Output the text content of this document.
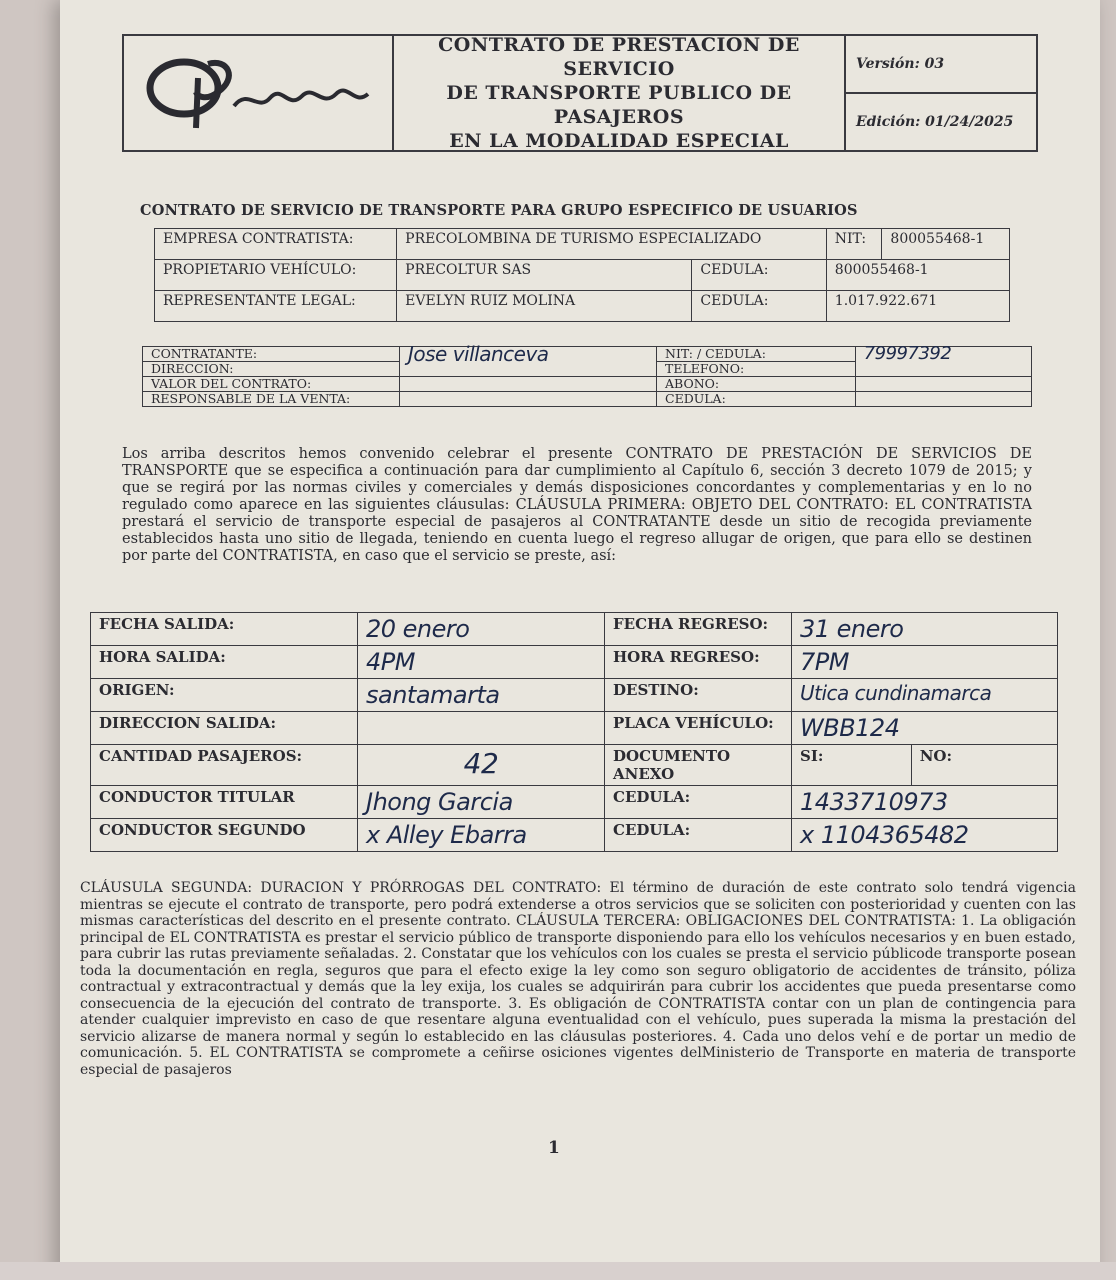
CONTRATO DE PRESTACION DE SERVICIO
DE TRANSPORTE PUBLICO DE PASAJEROS
EN LA MODALIDAD ESPECIAL
Versión: 03
Edición: 01/24/2025
CONTRATO DE SERVICIO DE TRANSPORTE PARA GRUPO ESPECIFICO DE USUARIOS
EMPRESA CONTRATISTA:	PRECOLOMBINA DE TURISMO ESPECIALIZADO		NIT:	800055468-1
PROPIETARIO VEHÍCULO:	PRECOLTUR SAS	CEDULA:	800055468-1	
REPRESENTANTE LEGAL:	EVELYN RUIZ MOLINA	CEDULA:	1.017.922.671	
CONTRATANTE:	Jose villanceva	NIT: / CEDULA:	79997392
DIRECCION:		TELEFONO:	
VALOR DEL CONTRATO:		ABONO:	
RESPONSABLE DE LA VENTA:		CEDULA:	
Los arriba descritos hemos convenido celebrar el presente CONTRATO DE PRESTACIÓN DE SERVICIOS DE TRANSPORTE que se especifica a continuación para dar cumplimiento al Capítulo 6, sección 3 decreto 1079 de 2015; y que se regirá por las normas civiles y comerciales y demás disposiciones concordantes y complementarias y en lo no regulado como aparece en las siguientes cláusulas: CLÁUSULA PRIMERA: OBJETO DEL CONTRATO: EL CONTRATISTA prestará el servicio de transporte especial de pasajeros al CONTRATANTE desde un sitio de recogida previamente establecidos hasta uno sitio de llegada, teniendo en cuenta luego el regreso allugar de origen, que para ello se destinen por parte del CONTRATISTA, en caso que el servicio se preste, así:
FECHA SALIDA:	20 enero	FECHA REGRESO:	31 enero	
HORA SALIDA:	4PM	HORA REGRESO:	7PM	
ORIGEN:	santamarta	DESTINO:	Utica cundinamarca	
DIRECCION SALIDA:		PLACA VEHÍCULO:	WBB124	
CANTIDAD PASAJEROS:	42	DOCUMENTO ANEXO	SI:	NO:
CONDUCTOR TITULAR	Jhong Garcia	CEDULA:	1433710973	
CONDUCTOR SEGUNDO	x Alley Ebarra	CEDULA:	x 1104365482	
CLÁUSULA SEGUNDA: DURACION Y PRÓRROGAS DEL CONTRATO: El término de duración de este contrato solo tendrá vigencia mientras se ejecute el contrato de transporte, pero podrá extenderse a otros servicios que se soliciten con posterioridad y cuenten con las mismas características del descrito en el presente contrato. CLÁUSULA TERCERA: OBLIGACIONES DEL CONTRATISTA: 1. La obligación principal de EL CONTRATISTA es prestar el servicio público de transporte disponiendo para ello los vehículos necesarios y en buen estado, para cubrir las rutas previamente señaladas. 2. Constatar que los vehículos con los cuales se presta el servicio públicode transporte posean toda la documentación en regla, seguros que para el efecto exige la ley como son seguro obligatorio de accidentes de tránsito, póliza contractual y extracontractual y demás que la ley exija, los cuales se adquirirán para cubrir los accidentes que pueda presentarse como consecuencia de la ejecución del contrato de transporte. 3. Es obligación de CONTRATISTA contar con un plan de contingencia para atender cualquier imprevisto en caso de que resentare alguna eventualidad con el vehículo, pues superada la misma la prestación del servicio alizarse de manera normal y según lo establecido en las cláusulas posteriores. 4. Cada uno delos vehí e de portar un medio de comunicación. 5. EL CONTRATISTA se compromete a ceñirse osiciones vigentes delMinisterio de Transporte en materia de transporte especial de pasajeros
1
